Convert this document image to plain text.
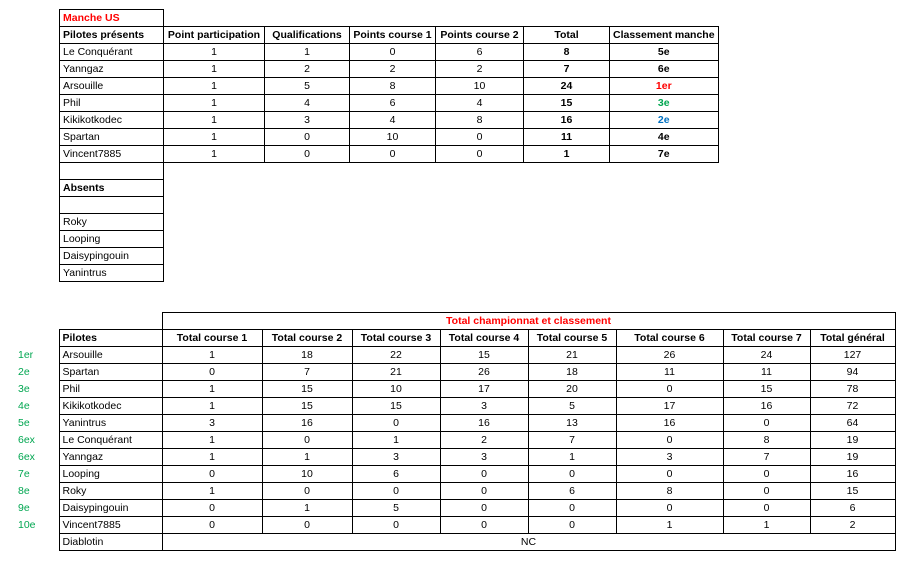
Manche US						
Pilotes présents	Point participation	Qualifications	Points course 1	Points course 2	Total	Classement manche
Le Conquérant	1	1	0	6	8	5e
Yanngaz	1	2	2	2	7	6e
Arsouille	1	5	8	10	24	1er
Phil	1	4	6	4	15	3e
Kikikotkodec	1	3	4	8	16	2e
Spartan	1	0	10	0	11	4e
Vincent7885	1	0	0	0	1	7e

Absents						

Roky						
Looping						
Daisypingouin						
Yanintrus						
		Total championnat et classement							
	Pilotes	Total course 1	Total course 2	Total course 3	Total course 4	Total course 5	Total course 6	Total course 7	Total général
1er	Arsouille	1	18	22	15	21	26	24	127
2e	Spartan	0	7	21	26	18	11	11	94
3e	Phil	1	15	10	17	20	0	15	78
4e	Kikikotkodec	1	15	15	3	5	17	16	72
5e	Yanintrus	3	16	0	16	13	16	0	64
6ex	Le Conquérant	1	0	1	2	7	0	8	19
6ex	Yanngaz	1	1	3	3	1	3	7	19
7e	Looping	0	10	6	0	0	0	0	16
8e	Roky	1	0	0	0	6	8	0	15
9e	Daisypingouin	0	1	5	0	0	0	0	6
10e	Vincent7885	0	0	0	0	0	1	1	2
	Diablotin	NC							
